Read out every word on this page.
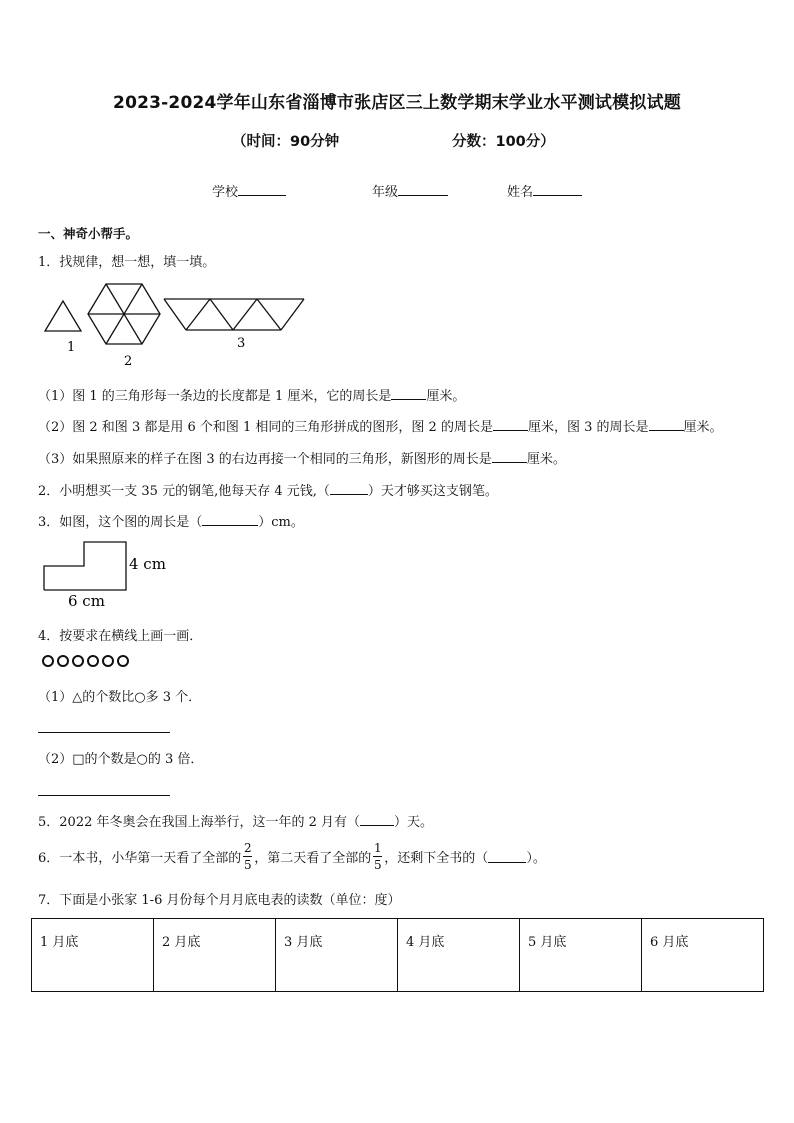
2023-2024学年山东省淄博市张店区三上数学期末学业水平测试模拟试题
（时间：90分钟	分数：100分）
学校	年级	姓名
一、神奇小帮手。
1．找规律，想一想，填一填。
1
2
3
（1）图 1 的三角形每一条边的长度都是 1 厘米，它的周长是	厘米。
（2）图 2 和图 3 都是用 6 个和图 1 相同的三角形拼成的图形，图 2 的周长是	厘米，图 3 的周长是	厘米。
（3）如果照原来的样子在图 3 的右边再接一个相同的三角形，新图形的周长是	厘米。
2．小明想买一支 35 元的钢笔,他每天存 4 元钱,（	）天才够买这支钢笔。
3．如图，这个图的周长是（	）cm。
4 cm
6 cm
4．按要求在横线上画一画．
（1）△的个数比○多 3 个．
（2）□的个数是○的 3 倍．
5．2022 年冬奥会在我国上海举行，这一年的 2 月有（	）天。
6．一本书，小华第一天看了全部的 $\frac{2}{5}$ ，第二天看了全部的 $\frac{1}{5}$ ，还剩下全书的（	）。
7．下面是小张家 1-6 月份每个月月底电表的读数（单位：度）
1 月底	2 月底	3 月底	4 月底	5 月底	6 月底
